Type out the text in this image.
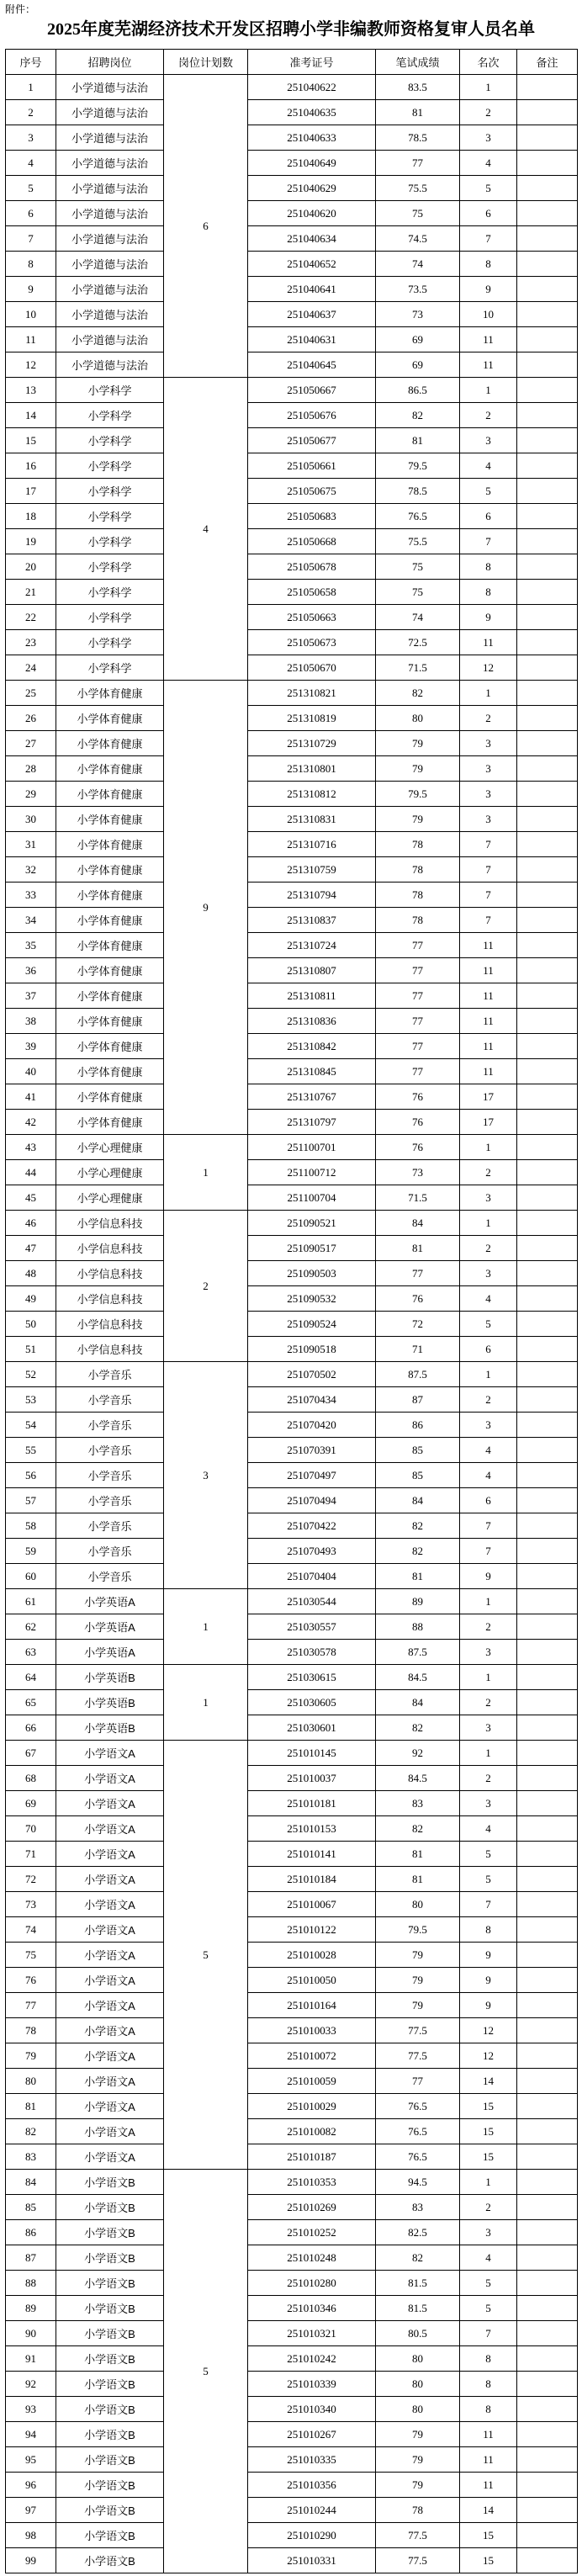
附件：
2025年度芜湖经济技术开发区招聘小学非编教师资格复审人员名单
序号	招聘岗位	岗位计划数	准考证号	笔试成绩	名次	备注
1	小学道德与法治	6	251040622	83.5	1	
2	小学道德与法治		251040635	81	2	
3	小学道德与法治		251040633	78.5	3	
4	小学道德与法治		251040649	77	4	
5	小学道德与法治		251040629	75.5	5	
6	小学道德与法治		251040620	75	6	
7	小学道德与法治		251040634	74.5	7	
8	小学道德与法治		251040652	74	8	
9	小学道德与法治		251040641	73.5	9	
10	小学道德与法治		251040637	73	10	
11	小学道德与法治		251040631	69	11	
12	小学道德与法治		251040645	69	11	
13	小学科学	4	251050667	86.5	1	
14	小学科学		251050676	82	2	
15	小学科学		251050677	81	3	
16	小学科学		251050661	79.5	4	
17	小学科学		251050675	78.5	5	
18	小学科学		251050683	76.5	6	
19	小学科学		251050668	75.5	7	
20	小学科学		251050678	75	8	
21	小学科学		251050658	75	8	
22	小学科学		251050663	74	9	
23	小学科学		251050673	72.5	11	
24	小学科学		251050670	71.5	12	
25	小学体育健康	9	251310821	82	1	
26	小学体育健康		251310819	80	2	
27	小学体育健康		251310729	79	3	
28	小学体育健康		251310801	79	3	
29	小学体育健康		251310812	79.5	3	
30	小学体育健康		251310831	79	3	
31	小学体育健康		251310716	78	7	
32	小学体育健康		251310759	78	7	
33	小学体育健康		251310794	78	7	
34	小学体育健康		251310837	78	7	
35	小学体育健康		251310724	77	11	
36	小学体育健康		251310807	77	11	
37	小学体育健康		251310811	77	11	
38	小学体育健康		251310836	77	11	
39	小学体育健康		251310842	77	11	
40	小学体育健康		251310845	77	11	
41	小学体育健康		251310767	76	17	
42	小学体育健康		251310797	76	17	
43	小学心理健康	1	251100701	76	1	
44	小学心理健康		251100712	73	2	
45	小学心理健康		251100704	71.5	3	
46	小学信息科技	2	251090521	84	1	
47	小学信息科技		251090517	81	2	
48	小学信息科技		251090503	77	3	
49	小学信息科技		251090532	76	4	
50	小学信息科技		251090524	72	5	
51	小学信息科技		251090518	71	6	
52	小学音乐	3	251070502	87.5	1	
53	小学音乐		251070434	87	2	
54	小学音乐		251070420	86	3	
55	小学音乐		251070391	85	4	
56	小学音乐		251070497	85	4	
57	小学音乐		251070494	84	6	
58	小学音乐		251070422	82	7	
59	小学音乐		251070493	82	7	
60	小学音乐		251070404	81	9	
61	小学英语A	1	251030544	89	1	
62	小学英语A		251030557	88	2	
63	小学英语A		251030578	87.5	3	
64	小学英语B	1	251030615	84.5	1	
65	小学英语B		251030605	84	2	
66	小学英语B		251030601	82	3	
67	小学语文A	5	251010145	92	1	
68	小学语文A		251010037	84.5	2	
69	小学语文A		251010181	83	3	
70	小学语文A		251010153	82	4	
71	小学语文A		251010141	81	5	
72	小学语文A		251010184	81	5	
73	小学语文A		251010067	80	7	
74	小学语文A		251010122	79.5	8	
75	小学语文A		251010028	79	9	
76	小学语文A		251010050	79	9	
77	小学语文A		251010164	79	9	
78	小学语文A		251010033	77.5	12	
79	小学语文A		251010072	77.5	12	
80	小学语文A		251010059	77	14	
81	小学语文A		251010029	76.5	15	
82	小学语文A		251010082	76.5	15	
83	小学语文A		251010187	76.5	15	
84	小学语文B	5	251010353	94.5	1	
85	小学语文B		251010269	83	2	
86	小学语文B		251010252	82.5	3	
87	小学语文B		251010248	82	4	
88	小学语文B		251010280	81.5	5	
89	小学语文B		251010346	81.5	5	
90	小学语文B		251010321	80.5	7	
91	小学语文B		251010242	80	8	
92	小学语文B		251010339	80	8	
93	小学语文B		251010340	80	8	
94	小学语文B		251010267	79	11	
95	小学语文B		251010335	79	11	
96	小学语文B		251010356	79	11	
97	小学语文B		251010244	78	14	
98	小学语文B		251010290	77.5	15	
99	小学语文B		251010331	77.5	15	
